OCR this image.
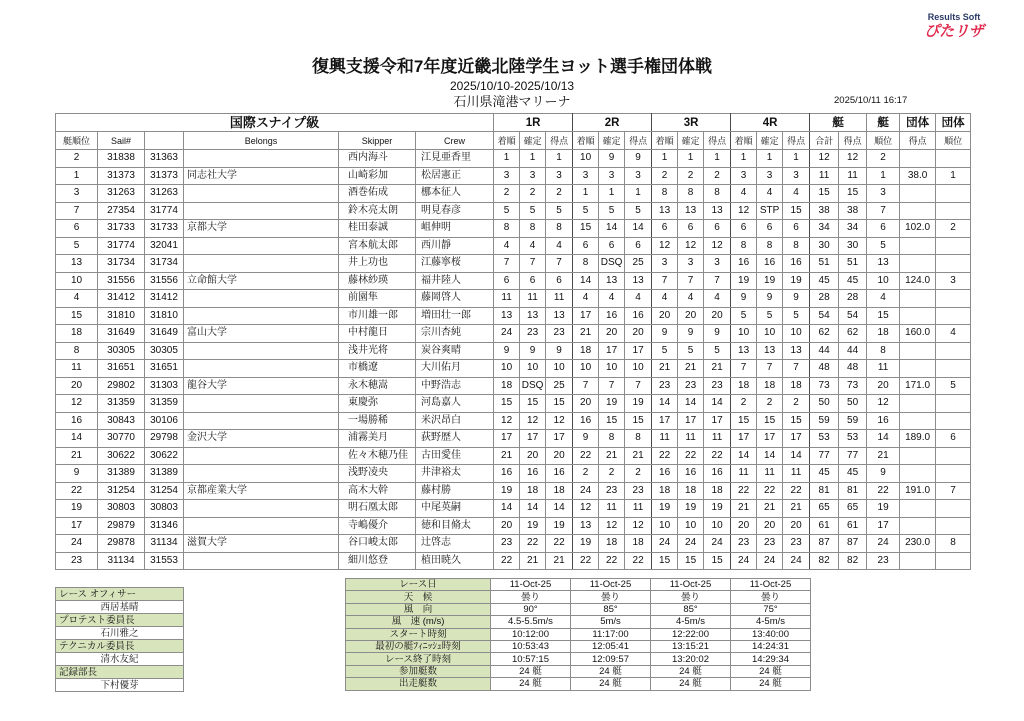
Results Soft
ぴたリザ
復興支援令和7年度近畿北陸学生ヨット選手権団体戦
2025/10/10-2025/10/13
石川県滝港マリーナ	2025/10/11 16:17
国際スナイプ級						1R			2R			3R			4R			艇		艇	団体	団体
艇順位	Sail#		Belongs	Skipper	Crew	着順	確定	得点	着順	確定	得点	着順	確定	得点	着順	確定	得点	合計	得点	順位	得点	順位
2	31838	31363		西内海斗	江見亜香里	1	1	1	10	9	9	1	1	1	1	1	1	12	12	2		
1	31373	31373	同志社大学	山崎彩加	松居憲正	3	3	3	3	3	3	2	2	2	3	3	3	11	11	1	38.0	1
3	31263	31263		酒巻佑成	梛本征人	2	2	2	1	1	1	8	8	8	4	4	4	15	15	3		
7	27354	31774		鈴木亮太朗	明見春彦	5	5	5	5	5	5	13	13	13	12	STP	15	38	38	7		
6	31733	31733	京都大学	桂田泰誠	岨伸明	8	8	8	15	14	14	6	6	6	6	6	6	34	34	6	102.0	2
5	31774	32041		宮本航太郎	西川靜	4	4	4	6	6	6	12	12	12	8	8	8	30	30	5		
13	31734	31734		井上功也	江藤寧桜	7	7	7	8	DSQ	25	3	3	3	16	16	16	51	51	13		
10	31556	31556	立命館大学	藤林紗瑛	福井陸人	6	6	6	14	13	13	7	7	7	19	19	19	45	45	10	124.0	3
4	31412	31412		前園隼	藤岡啓人	11	11	11	4	4	4	4	4	4	9	9	9	28	28	4		
15	31810	31810		市川雄一郎	増田壮一郎	13	13	13	17	16	16	20	20	20	5	5	5	54	54	15		
18	31649	31649	富山大学	中村龍日	宗川杏純	24	23	23	21	20	20	9	9	9	10	10	10	62	62	18	160.0	4
8	30305	30305		浅井光将	炭谷爽晴	9	9	9	18	17	17	5	5	5	13	13	13	44	44	8		
11	31651	31651		市橋遼	大川佑月	10	10	10	10	10	10	21	21	21	7	7	7	48	48	11		
20	29802	31303	龍谷大学	永木穂嵩	中野浩志	18	DSQ	25	7	7	7	23	23	23	18	18	18	73	73	20	171.0	5
12	31359	31359		東慶弥	河島嘉人	15	15	15	20	19	19	14	14	14	2	2	2	50	50	12		
16	30843	30106		一場勝稀	米沢昂白	12	12	12	16	15	15	17	17	17	15	15	15	59	59	16		
14	30770	29798	金沢大学	浦霧美月	荻野歴人	17	17	17	9	8	8	11	11	11	17	17	17	53	53	14	189.0	6
21	30622	30622		佐々木穂乃佳	古田愛佳	21	20	20	22	21	21	22	22	22	14	14	14	77	77	21		
9	31389	31389		浅野凌央	井津裕太	16	16	16	2	2	2	16	16	16	11	11	11	45	45	9		
22	31254	31254	京都産業大学	高木大幹	藤村勝	19	18	18	24	23	23	18	18	18	22	22	22	81	81	22	191.0	7
19	30803	30803		明石凰太郎	中尾英嗣	14	14	14	12	11	11	19	19	19	21	21	21	65	65	19		
17	29879	31346		寺嶋優介	徳和目脩太	20	19	19	13	12	12	10	10	10	20	20	20	61	61	17		
24	29878	31134	滋賀大学	谷口峻太郎	辻啓志	23	22	22	19	18	18	24	24	24	23	23	23	87	87	24	230.0	8
23	31134	31553		細川悠登	植田暁久	22	21	21	22	22	22	15	15	15	24	24	24	82	82	23		
レース オフィサー
西居基晴
プロテスト委員長
石川雅之
テクニカル委員長
清水友紀
記録部長
下村優芽
レース日	11-Oct-25	11-Oct-25	11-Oct-25	11-Oct-25
天　候	曇り	曇り	曇り	曇り
風　向	90°	85°	85°	75°
風　速 (m/s)	4.5-5.5m/s	5m/s	4-5m/s	4-5m/s
スタート時刻	10:12:00	11:17:00	12:22:00	13:40:00
最初の艇ﾌｨﾆｯｼｭ時刻	10:53:43	12:05:41	13:15:21	14:24:31
レース終了時刻	10:57:15	12:09:57	13:20:02	14:29:34
参加艇数	24 艇	24 艇	24 艇	24 艇
出走艇数	24 艇	24 艇	24 艇	24 艇
